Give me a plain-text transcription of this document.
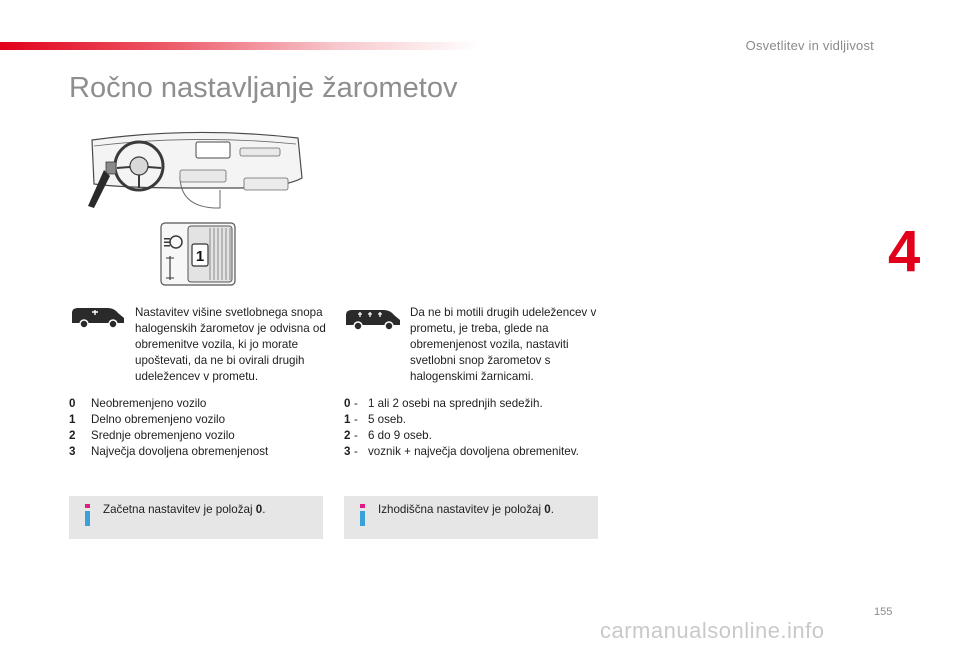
Osvetlitev in vidljivost
4
Ročno nastavljanje žarometov
1

Nastavitev višine svetlobnega snopa halogenskih žarometov je odvisna od obremenitve vozila, ki jo morate upoštevati, da ne bi ovirali drugih udeležencev v prometu.

0 Neobremenjeno vozilo
1 Delno obremenjeno vozilo
2 Srednje obremenjeno vozilo
3 Največja dovoljena obremenjenost
Začetna nastavitev je položaj 0.

Da ne bi motili drugih udeležencev v prometu, je treba, glede na obremenjenost vozila, nastaviti svetlobni snop žarometov s halogenskimi žarnicami.

0 - 1 ali 2 osebi na sprednjih sedežih.
1 - 5 oseb.
2 - 6 do 9 oseb.
3 - voznik + največja dovoljena obremenitev.
Izhodiščna nastavitev je položaj 0.
155
carmanualsonline.info
